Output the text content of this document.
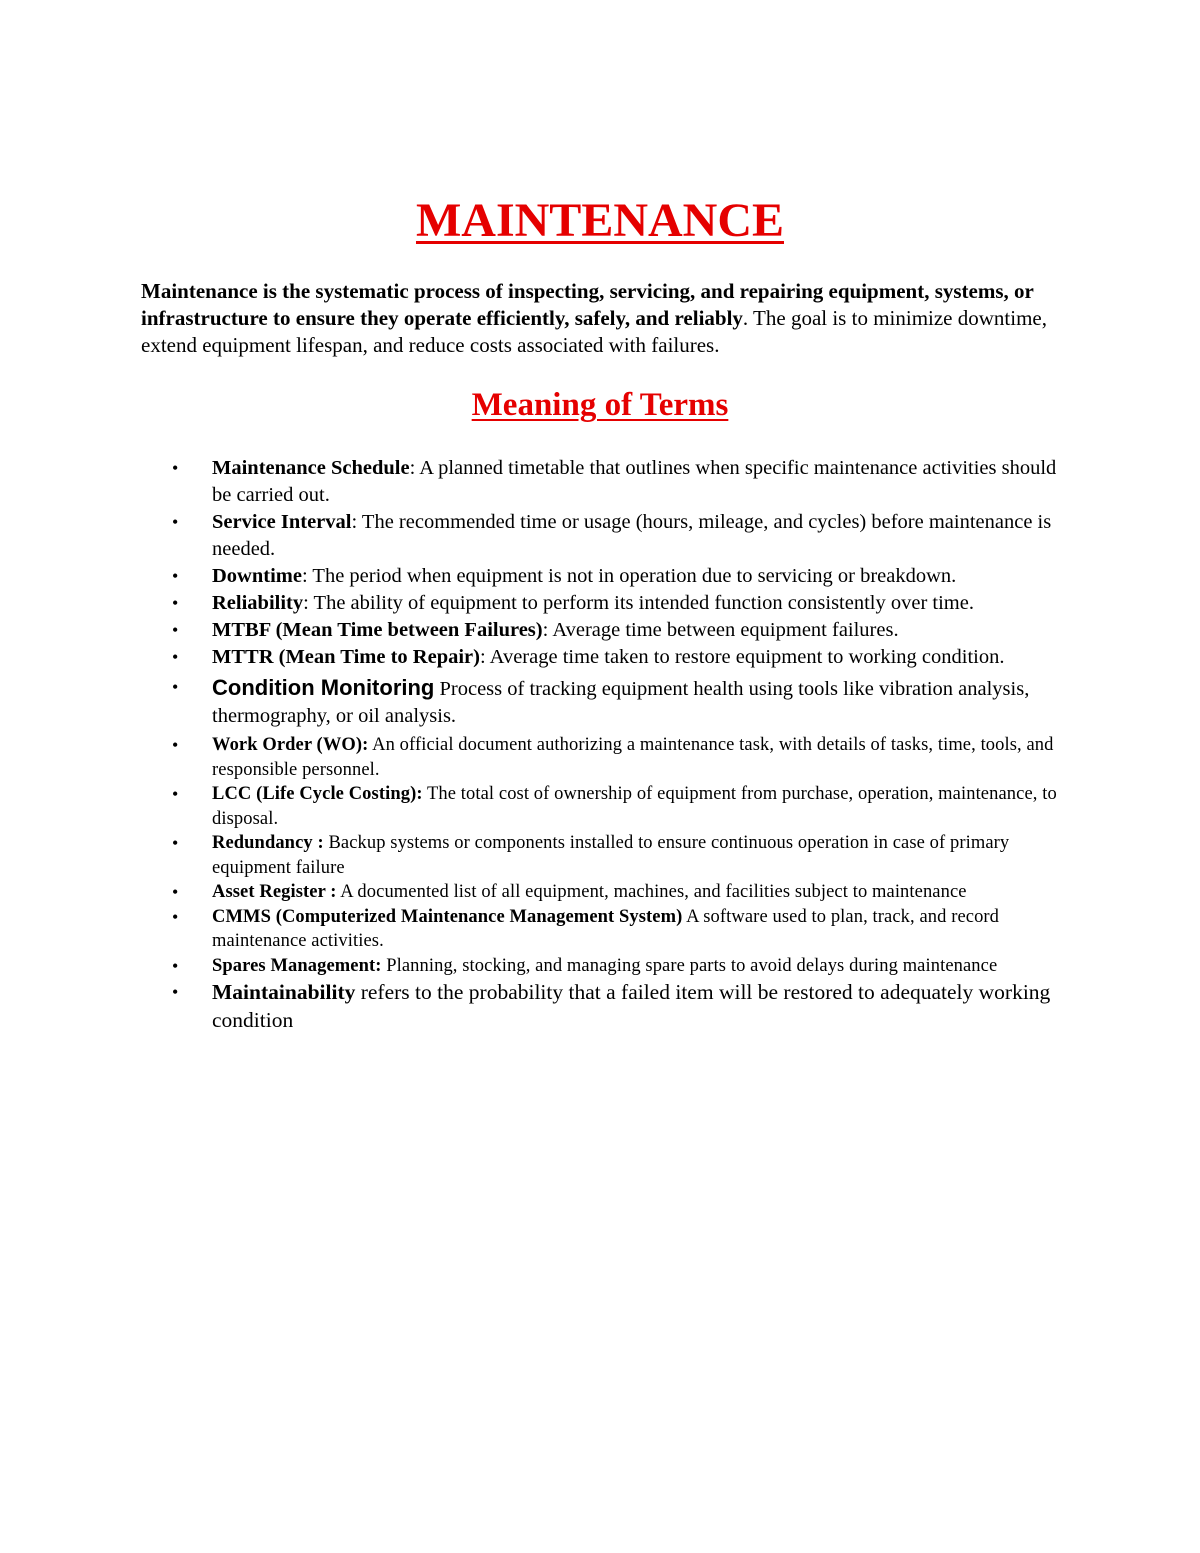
MAINTENANCE

Maintenance is the systematic process of inspecting, servicing, and repairing equipment, systems, or infrastructure to ensure they operate efficiently, safely, and reliably. The goal is to minimize downtime, extend equipment lifespan, and reduce costs associated with failures.

Meaning of Terms
•	Maintenance Schedule: A planned timetable that outlines when specific maintenance activities should be carried out.
•	Service Interval: The recommended time or usage (hours, mileage, and cycles) before maintenance is needed.
•	Downtime: The period when equipment is not in operation due to servicing or breakdown.
•	Reliability: The ability of equipment to perform its intended function consistently over time.
•	MTBF (Mean Time between Failures): Average time between equipment failures.
•	MTTR (Mean Time to Repair): Average time taken to restore equipment to working condition.
•	Condition Monitoring Process of tracking equipment health using tools like vibration analysis, thermography, or oil analysis.
•	Work Order (WO): An official document authorizing a maintenance task, with details of tasks, time, tools, and responsible personnel.
•	LCC (Life Cycle Costing): The total cost of ownership of equipment from purchase, operation, maintenance, to disposal.
•	Redundancy : Backup systems or components installed to ensure continuous operation in case of primary equipment failure
•	Asset Register : A documented list of all equipment, machines, and facilities subject to maintenance
•	CMMS (Computerized Maintenance Management System) A software used to plan, track, and record maintenance activities.
•	Spares Management: Planning, stocking, and managing spare parts to avoid delays during maintenance
•	Maintainability refers to the probability that a failed item will be restored to adequately working condition
